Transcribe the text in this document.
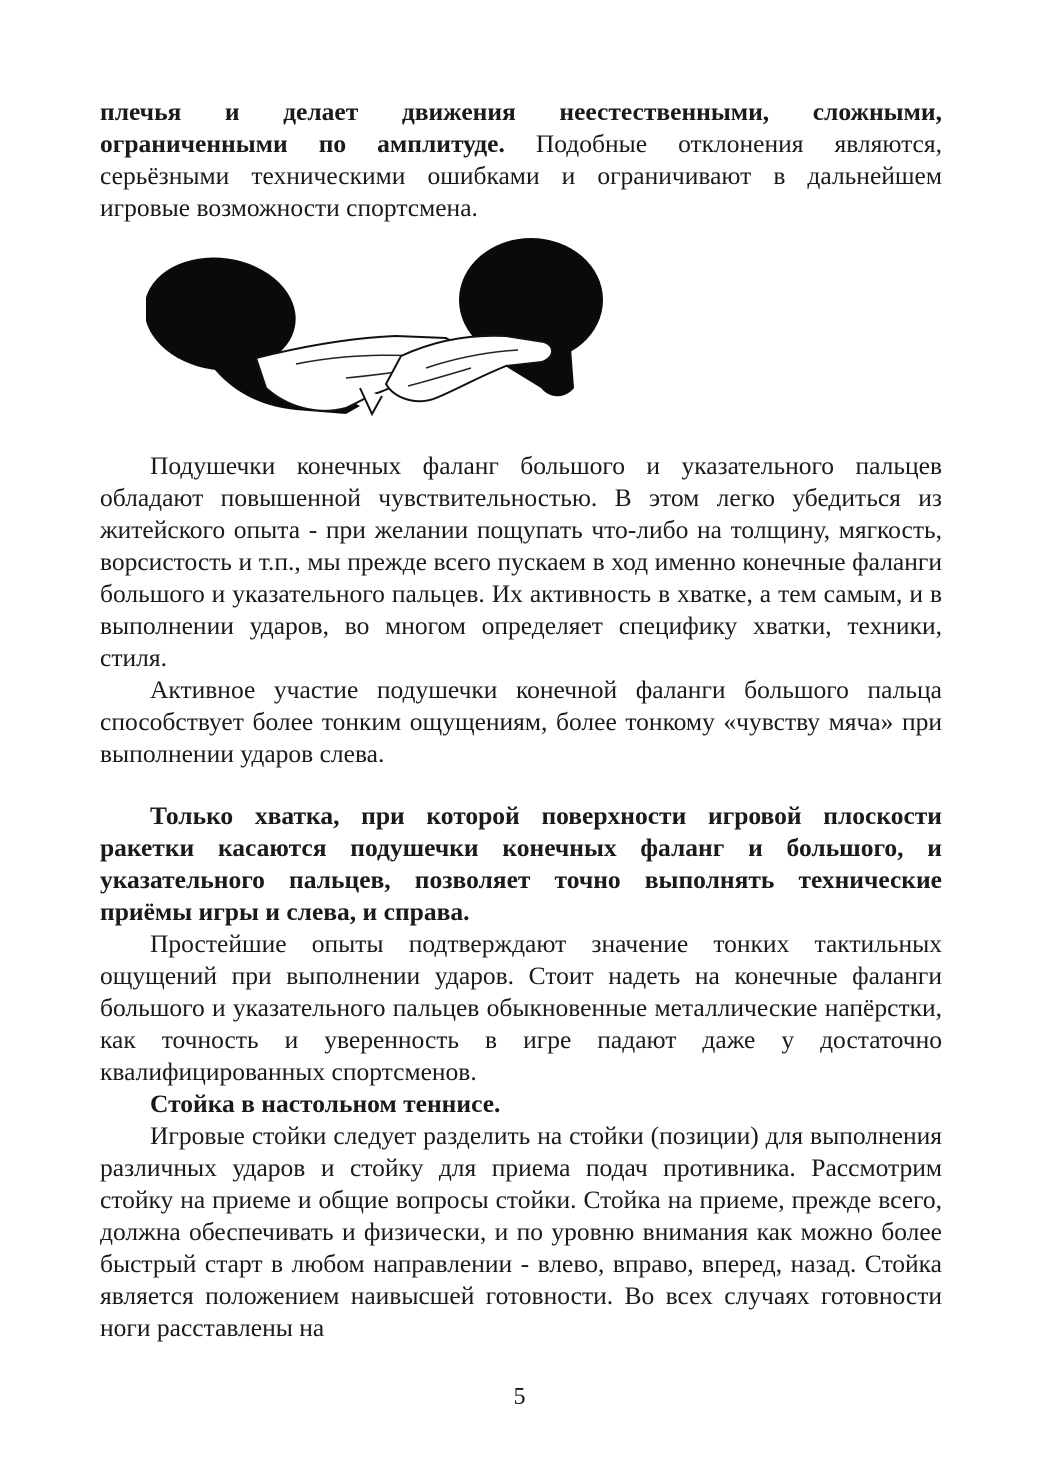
плечья и делает движения неестественными, сложными, ограниченными по амплитуде. Подобные отклонения являются, серьёзными техническими ошибками и ограничивают в дальнейшем игровые возможности спортсмена.

Подушечки конечных фаланг большого и указательного пальцев обладают повышенной чувствительностью. В этом легко убедиться из житейского опыта - при желании пощупать что-либо на толщину, мягкость, ворсистость и т.п., мы прежде всего пускаем в ход именно конечные фаланги большого и указательного пальцев. Их активность в хватке, а тем самым, и в выполнении ударов, во многом определяет специфику хватки, техники, стиля.

Активное участие подушечки конечной фаланги большого пальца способствует более тонким ощущениям, более тонкому «чувству мяча» при выполнении ударов слева.

Только хватка, при которой поверхности игровой плоскости ракетки касаются подушечки конечных фаланг и большого, и указательного пальцев, позволяет точно выполнять технические приёмы игры и слева, и справа.

Простейшие опыты подтверждают значение тонких тактильных ощущений при выполнении ударов. Стоит надеть на конечные фаланги большого и указательного пальцев обыкновенные металлические напёрстки, как точность и уверенность в игре падают даже у достаточно квалифицированных спортсменов.

Стойка в настольном теннисе.

Игровые стойки следует разделить на стойки (позиции) для выполнения различных ударов и стойку для приема подач противника. Рассмотрим стойку на приеме и общие вопросы стойки. Стойка на приеме, прежде всего, должна обеспечивать и физически, и по уровню внимания как можно более быстрый старт в любом направлении - влево, вправо, вперед, назад. Стойка является положением наивысшей готовности. Во всех случаях готовности ноги расставлены на

5
